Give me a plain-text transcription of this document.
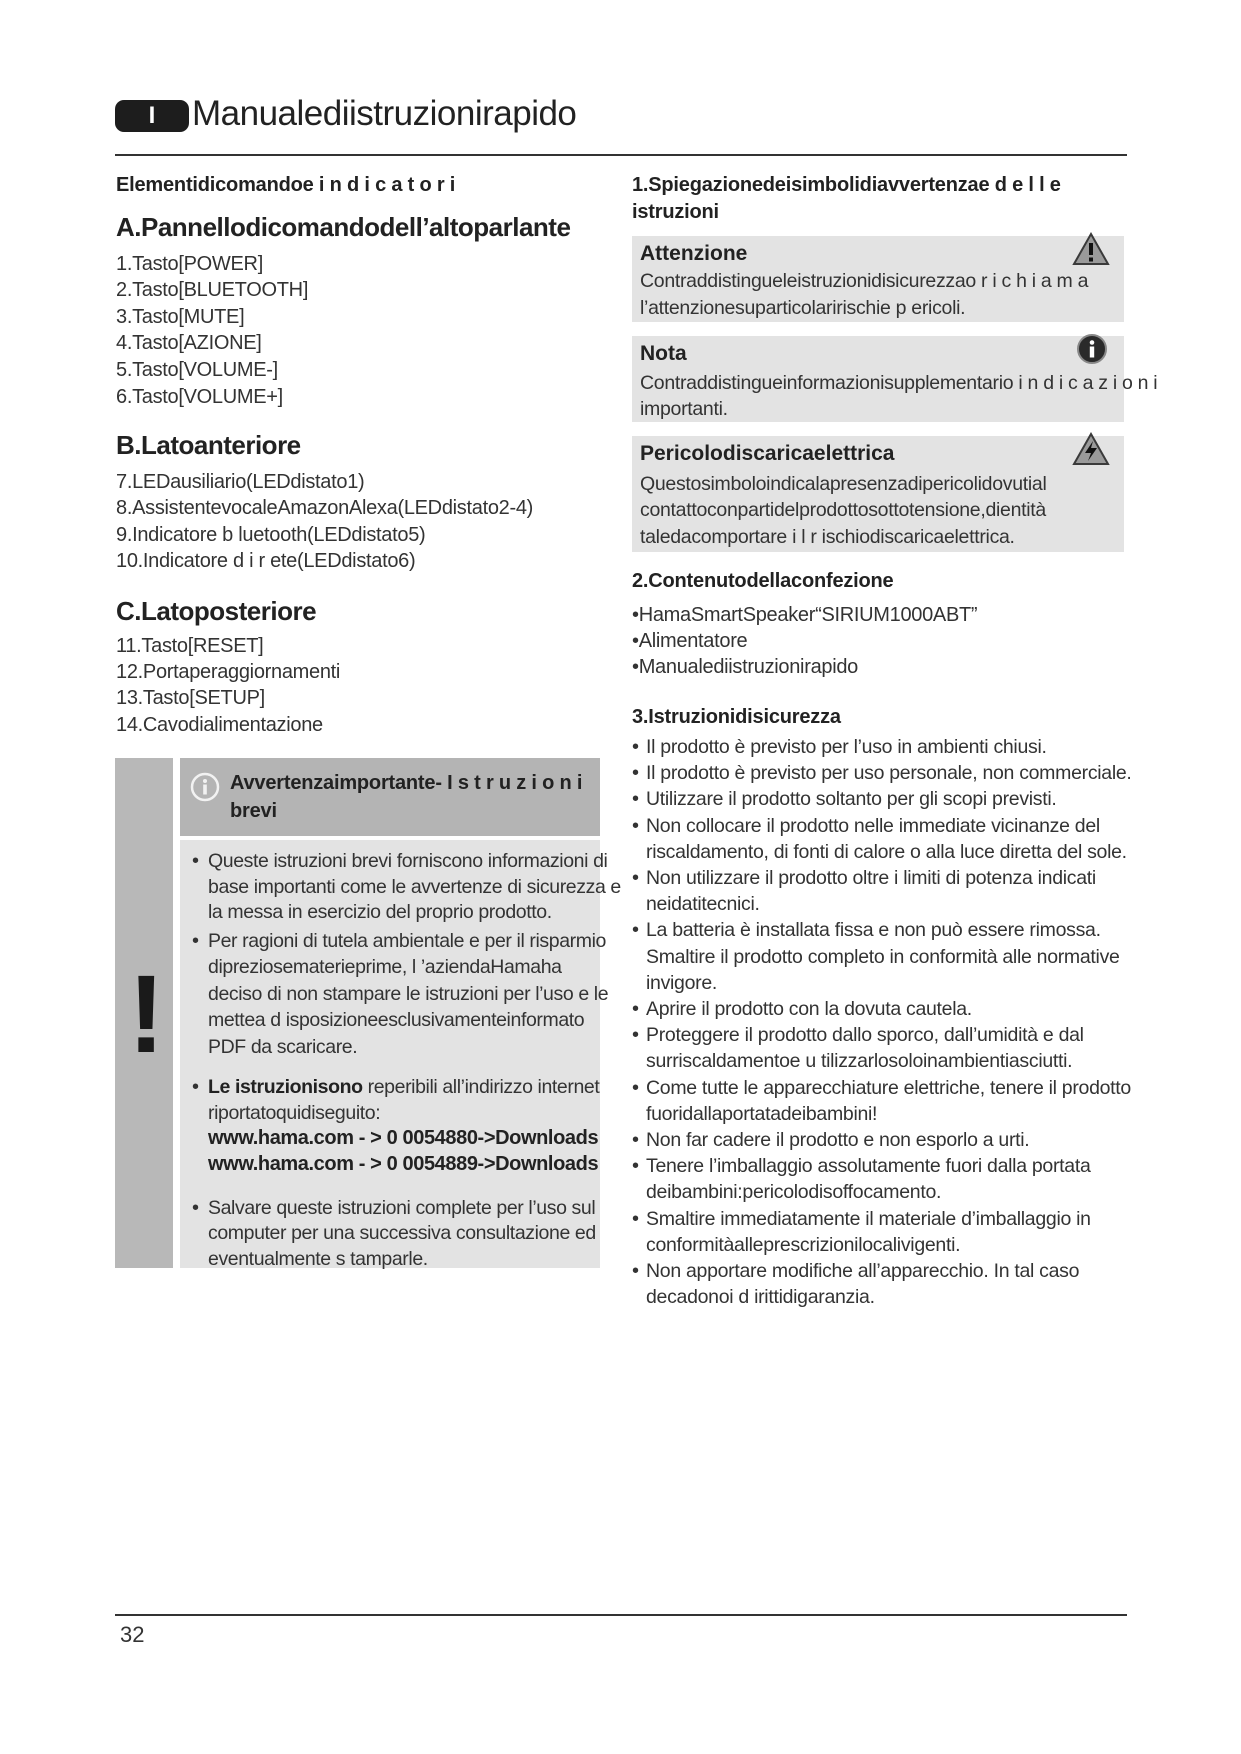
I	Manualediistruzionirapido
Elementidicomandoe i n d i c a t o r i
A.Pannellodicomandodell’altoparlante
1.Tasto[POWER]
2.Tasto[BLUETOOTH]
3.Tasto[MUTE]
4.Tasto[AZIONE]
5.Tasto[VOLUME-]
6.Tasto[VOLUME+]
B.Latoanteriore
7.LEDausiliario(LEDdistato1)
8.AssistentevocaleAmazonAlexa(LEDdistato2-4)
9.Indicatore b luetooth(LEDdistato5)
10.Indicatore d i r ete(LEDdistato6)
C.Latoposteriore
11.Tasto[RESET]
12.Portaperaggiornamenti
13.Tasto[SETUP]
14.Cavodialimentazione
!
Avvertenzaimportante- I s t r u z i o n i
brevi
• Queste istruzioni brevi forniscono informazioni di
base importanti come le avvertenze di sicurezza e
la messa in esercizio del proprio prodotto.
• Per ragioni di tutela ambientale e per il risparmio
diprezios​ematerieprime, l ’aziendaHamaha
deciso di non stampare le istruzioni per l’uso e le
mettea d isposizioneesclusivamenteinformato
PDF da scaricare.
• Le istruzionisono reperibili all’indirizzo internet
riportatoquidiseguito:
www.hama.com - > 0 0054880->Downloads
www.hama.com - > 0 0054889->Downloads
• Salvare queste istruzioni complete per l’uso sul
computer per una successiva consultazione ed
eventualmente s tamparle.
1.Spiegazionedeisimbolidiavvertenzae d e l l e
istruzioni
Attenzione
Contraddistingueleistruzionidisicurezzao r i c h i a m a
l’attenzionesuparticolaririschie p ericoli.
Nota
Contraddistingueinformazionisupplementario i n d i c a z i o n i
importanti.
Pericolodiscaricaelettrica
Questosimboloindicalapresenzadipericolidovutial
contattoconpartidelprodottosottotensione,dientità
taledacomportare i l r ischiodiscaricaelettrica.
2.Contenutodellaconfezione
•HamaSmartSpeaker“SIRIUM1000ABT”
•Alimentatore
•Manualediistruzionirapido
3.Istruzionidisicurezza
• Il prodotto è previsto per l’uso in ambienti chiusi.
• Il prodotto è previsto per uso personale, non commerciale.
• Utilizzare il prodotto soltanto per gli scopi previsti.
• Non collocare il prodotto nelle immediate vicinanze del
riscaldamento, di fonti di calore o alla luce diretta del sole.
• Non utilizzare il prodotto oltre i limiti di potenza indicati
neidatitecnici.
• La batteria è installata fissa e non può essere rimossa.
Smaltire il prodotto completo in conformità alle normative
invigore.
• Aprire il prodotto con la dovuta cautela.
• Proteggere il prodotto dallo sporco, dall’umidità e dal
surriscaldamentoe u tilizzarlosoloinambientiasciutti.
• Come tutte le apparecchiature elettriche, tenere il prodotto
fuoridallaportatadeibambini!
• Non far cadere il prodotto e non esporlo a urti.
• Tenere l’imballaggio assolutamente fuori dalla portata
deibambini:pericolodisoffocamento.
• Smaltire immediatamente il materiale d’imballaggio in
conformitàalleprescrizionilocalivigenti.
• Non apportare modifiche all’apparecchio. In tal caso
decadonoi d irittidigaranzia.
32
